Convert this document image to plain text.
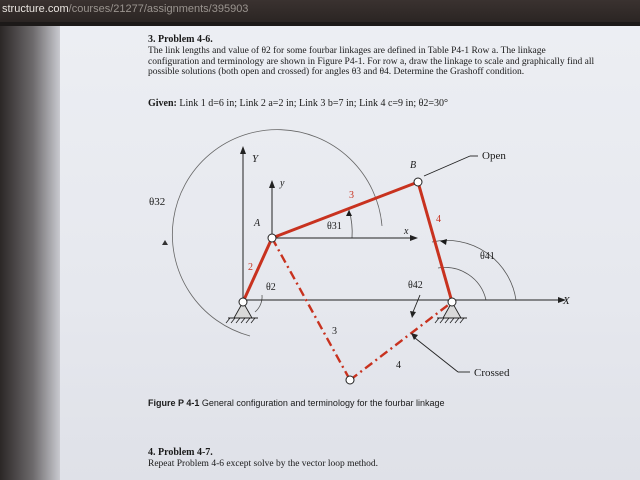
structure.com/courses/21277/assignments/395903
3. Problem 4-6.
The link lengths and value of θ2 for some fourbar linkages are defined in Table P4-1 Row a. The linkage configuration and terminology are shown in Figure P4-1. For row a, draw the linkage to scale and graphically find all possible solutions (both open and crossed) for angles θ3 and θ4. Determine the Grashoff condition.
Given: Link 1 d=6 in; Link 2 a=2 in; Link 3 b=7 in; Link 4 c=9 in; θ2=30°
Y
y
x
X
A
B
Open
Crossed
θ32
θ31
θ41
θ42
θ2
2
3
3
4
4
Figure P 4-1 General configuration and terminology for the fourbar linkage
4. Problem 4-7.
Repeat Problem 4-6 except solve by the vector loop method.
